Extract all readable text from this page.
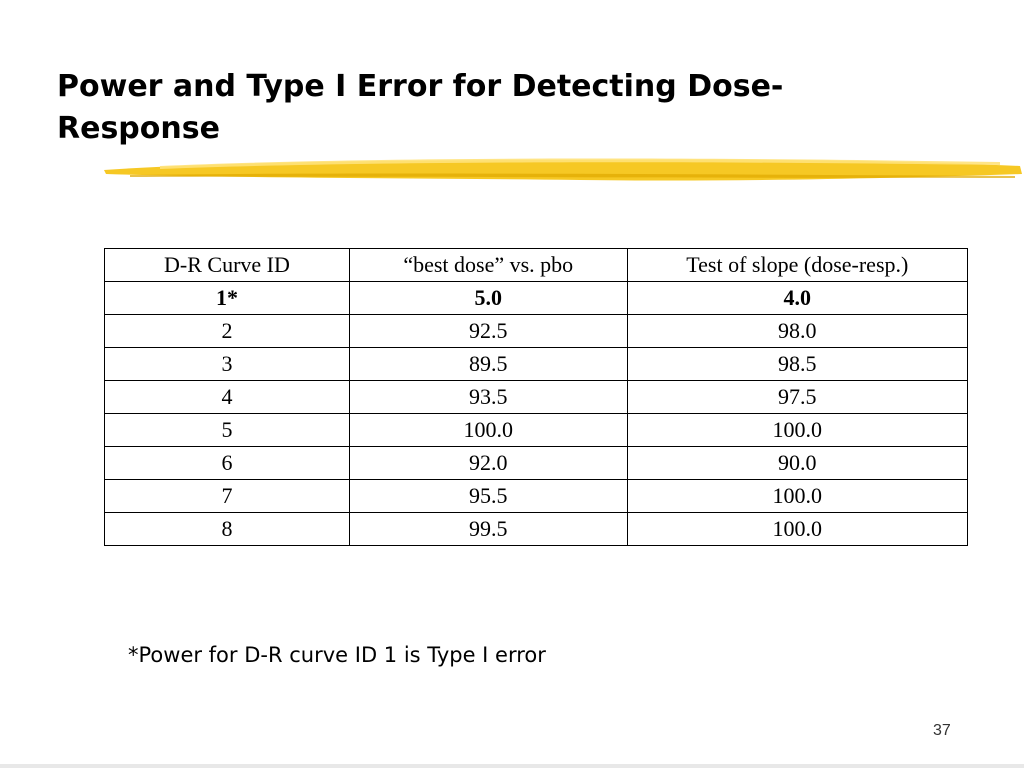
Power and Type I Error for Detecting Dose-
Response
D-R Curve ID	“best dose” vs. pbo	Test of slope (dose-resp.)
1*	5.0	4.0
2	92.5	98.0
3	89.5	98.5
4	93.5	97.5
5	100.0	100.0
6	92.0	90.0
7	95.5	100.0
8	99.5	100.0
*Power for D-R curve ID 1 is Type I error
37
